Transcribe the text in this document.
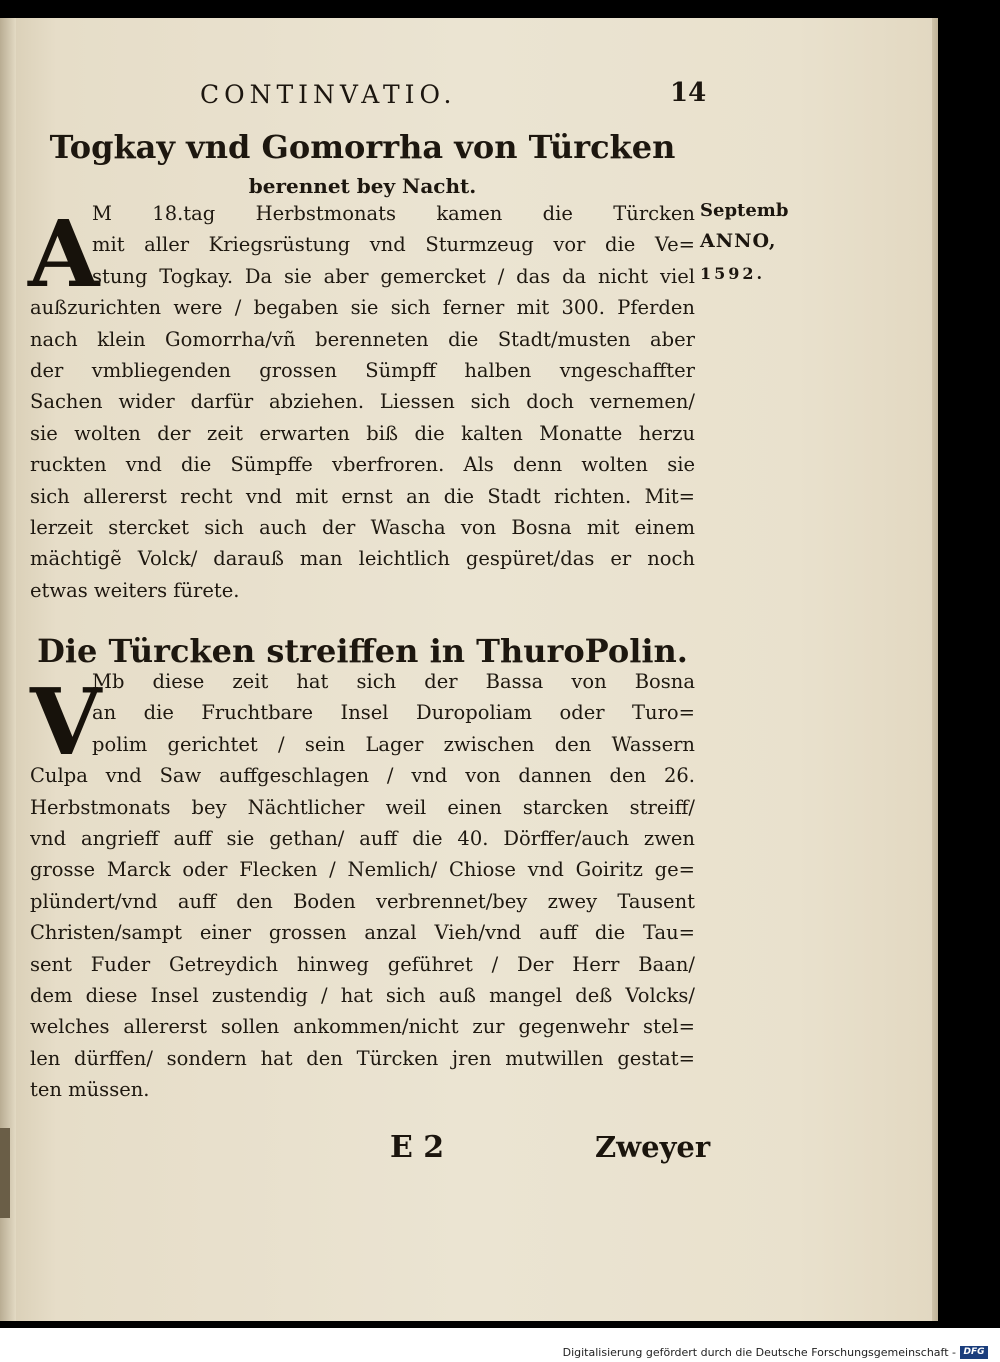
CONTINVATIO.	14
Togkay vnd Gomorrha von Türcken
berennet bey Nacht.
Septemb
ANNO,
1592.
A
M 18.tag Herbstmonats kamen die Türcken
mit aller Kriegsrüstung vnd Sturmzeug vor die Ve=
stung Togkay. Da sie aber gemercket / das da nicht viel
außzurichten were / begaben sie sich ferner mit 300. Pferden
nach klein Gomorrha/vñ berenneten die Stadt/musten aber
der vmbliegenden grossen Sümpff halben vngeschaffter
Sachen wider darfür abziehen. Liessen sich doch vernemen/
sie wolten der zeit erwarten biß die kalten Monatte herzu
ruckten vnd die Sümpffe vberfroren. Als denn wolten sie
sich allererst recht vnd mit ernst an die Stadt richten. Mit=
lerzeit stercket sich auch der Wascha von Bosna mit einem
mächtigẽ Volck/ darauß man leichtlich gespüret/das er noch
etwas weiters fürete.
Die Türcken streiffen in ThuroPolin.
V
Mb diese zeit hat sich der Bassa von Bosna
an die Fruchtbare Insel Duropoliam oder Turo=
polim gerichtet / sein Lager zwischen den Wassern
Culpa vnd Saw auffgeschlagen / vnd von dannen den 26.
Herbstmonats bey Nächtlicher weil einen starcken streiff/
vnd angrieff auff sie gethan/ auff die 40. Dörffer/auch zwen
grosse Marck oder Flecken / Nemlich/ Chiose vnd Goiritz ge=
plündert/vnd auff den Boden verbrennet/bey zwey Tausent
Christen/sampt einer grossen anzal Vieh/vnd auff die Tau=
sent Fuder Getreydich hinweg geführet / Der Herr Baan/
dem diese Insel zustendig / hat sich auß mangel deß Volcks/
welches allererst sollen ankommen/nicht zur gegenwehr stel=
len dürffen/ sondern hat den Türcken jren mutwillen gestat=
ten müssen.
E 2	Zweyer
Digitalisierung gefördert durch die Deutsche Forschungsgemeinschaft - DFG
